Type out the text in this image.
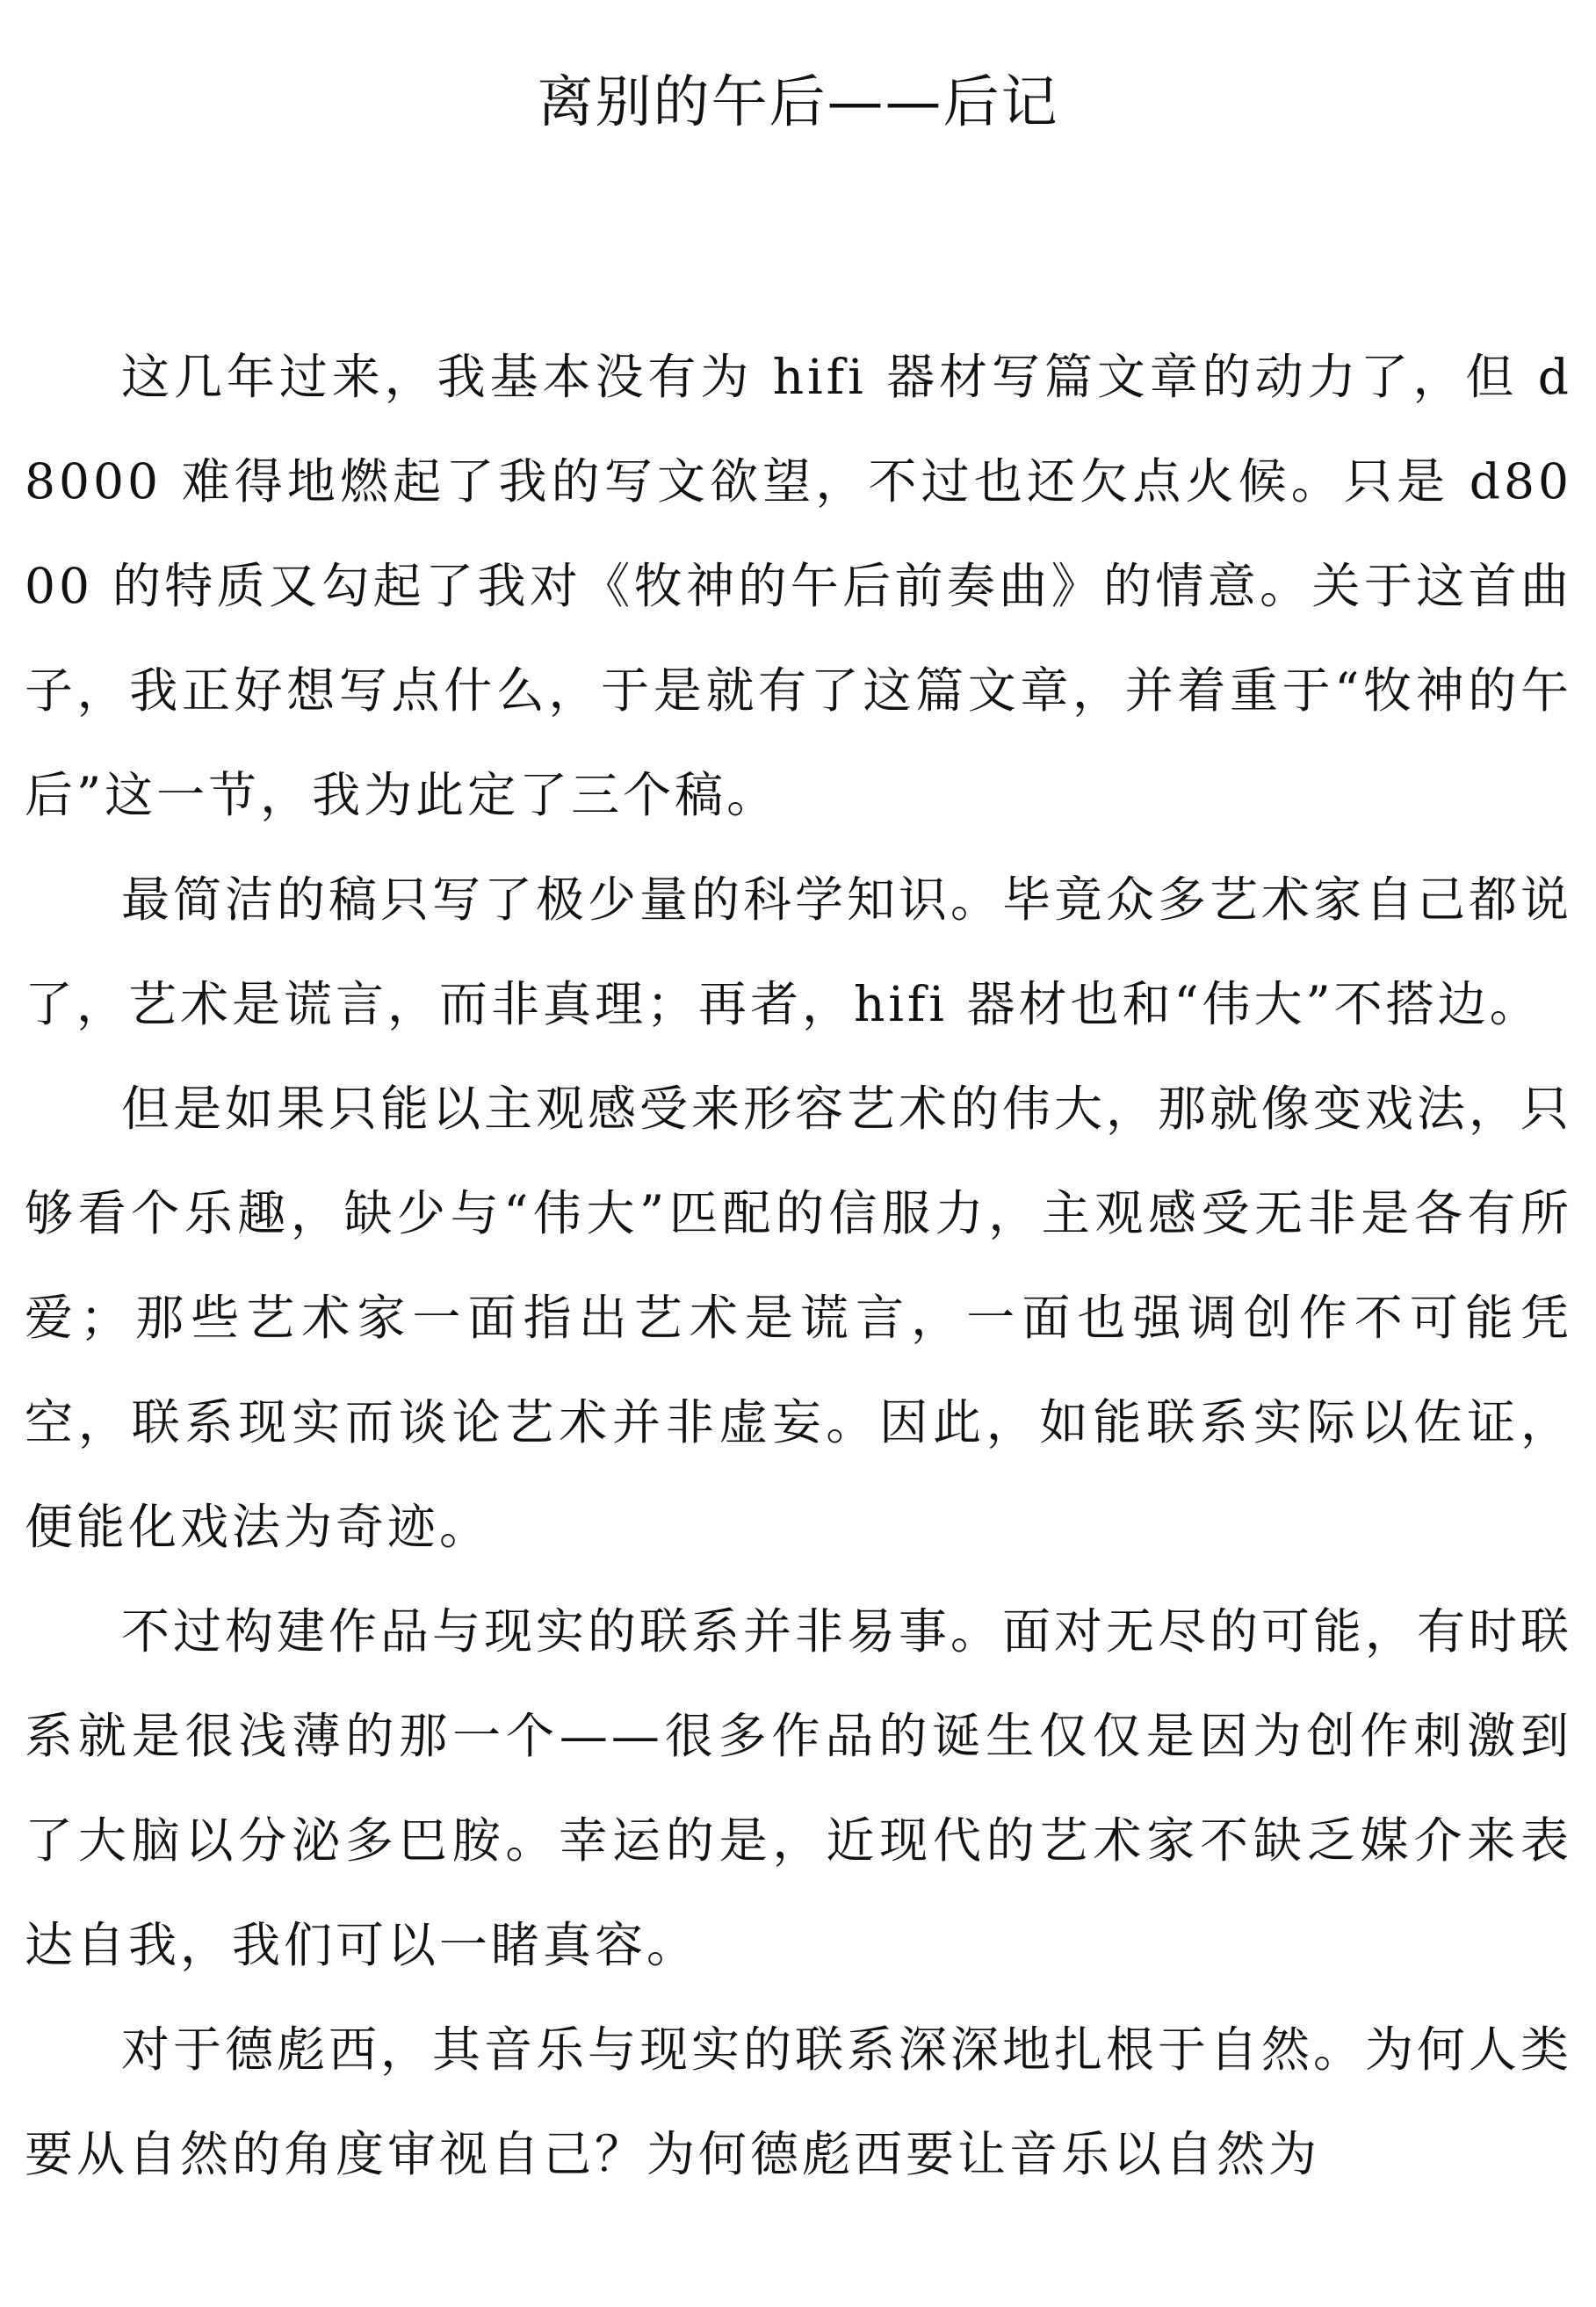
离别的午后——后记

这几年过来，我基本没有为 hifi 器材写篇文章的动力了，但 d8000 难得地燃起了我的写文欲望，不过也还欠点火候。只是 d8000 的特质又勾起了我对《牧神的午后前奏曲》的情意。关于这首曲子，我正好想写点什么，于是就有了这篇文章，并着重于“牧神的午后”这一节，我为此定了三个稿。

最简洁的稿只写了极少量的科学知识。毕竟众多艺术家自己都说了，艺术是谎言，而非真理；再者，hifi 器材也和“伟大”不搭边。

但是如果只能以主观感受来形容艺术的伟大，那就像变戏法，只够看个乐趣，缺少与“伟大”匹配的信服力，主观感受无非是各有所爱；那些艺术家一面指出艺术是谎言，一面也强调创作不可能凭空，联系现实而谈论艺术并非虚妄。因此，如能联系实际以佐证，便能化戏法为奇迹。

不过构建作品与现实的联系并非易事。面对无尽的可能，有时联系就是很浅薄的那一个——很多作品的诞生仅仅是因为创作刺激到了大脑以分泌多巴胺。幸运的是，近现代的艺术家不缺乏媒介来表达自我，我们可以一睹真容。

对于德彪西，其音乐与现实的联系深深地扎根于自然。为何人类要从自然的角度审视自己？为何德彪西要让音乐以自然为
